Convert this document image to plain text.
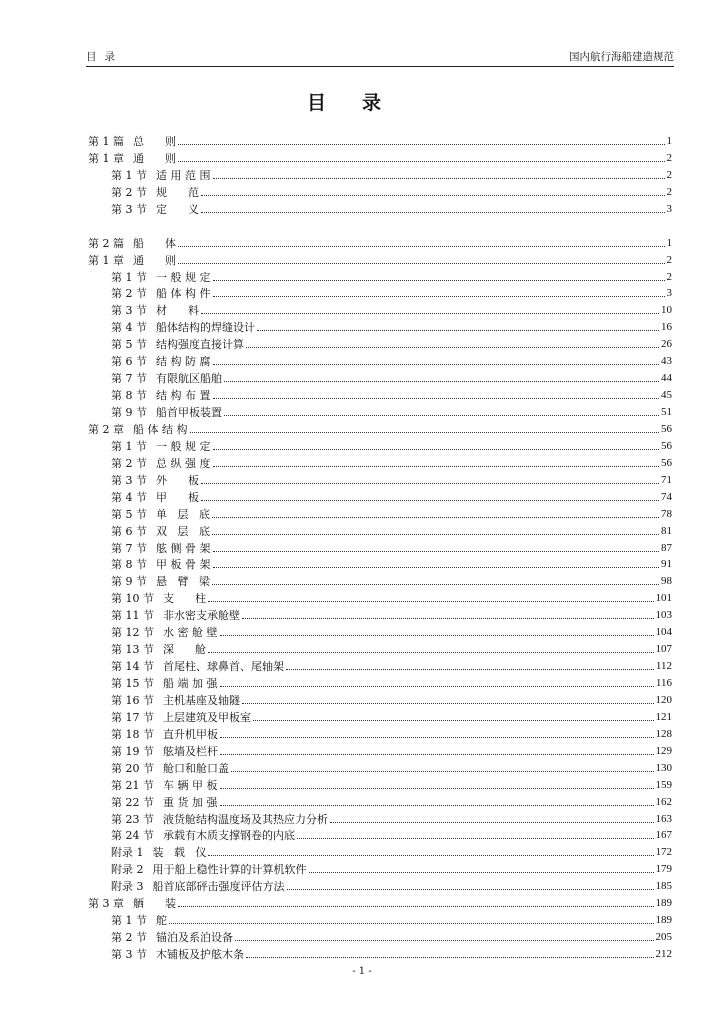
目录	国内航行海船建造规范
目录
第 1 篇 总      则	1
第 1 章 通      则	2
第 1 节 适 用 范 围	2
第 2 节 规      范	2
第 3 节 定      义	3
第 2 篇 船      体	1
第 1 章 通      则	2
第 1 节 一 般 规 定	2
第 2 节 船 体 构 件	3
第 3 节 材      料	10
第 4 节 船体结构的焊缝设计	16
第 5 节 结构强度直接计算	26
第 6 节 结 构 防 腐	43
第 7 节 有限航区船舶	44
第 8 节 结 构 布 置	45
第 9 节 船首甲板装置	51
第 2 章 船 体 结 构	56
第 1 节 一 般 规 定	56
第 2 节 总 纵 强 度	56
第 3 节 外      板	71
第 4 节 甲      板	74
第 5 节 单   层   底	78
第 6 节 双   层   底	81
第 7 节 舷 侧 骨 架	87
第 8 节 甲 板 骨 架	91
第 9 节 悬   臂   梁	98
第 10 节 支      柱	101
第 11 节 非水密支承舱壁	103
第 12 节 水 密 舱 壁	104
第 13 节 深      舱	107
第 14 节 首尾柱、球鼻首、尾轴架	112
第 15 节 船 端 加 强	116
第 16 节 主机基座及轴隧	120
第 17 节 上层建筑及甲板室	121
第 18 节 直升机甲板	128
第 19 节 舷墙及栏杆	129
第 20 节 舱口和舱口盖	130
第 21 节 车 辆 甲 板	159
第 22 节 重 货 加 强	162
第 23 节 液货舱结构温度场及其热应力分析	163
第 24 节 承载有木质支撑钢卷的内底	167
附录 1 装   载   仪	172
附录 2 用于船上稳性计算的计算机软件	179
附录 3 船首底部砰击强度评估方法	185
第 3 章 舾      装	189
第 1 节 舵	189
第 2 节 锚泊及系泊设备	205
第 3 节 木铺板及护舷木条	212
- 1 -
